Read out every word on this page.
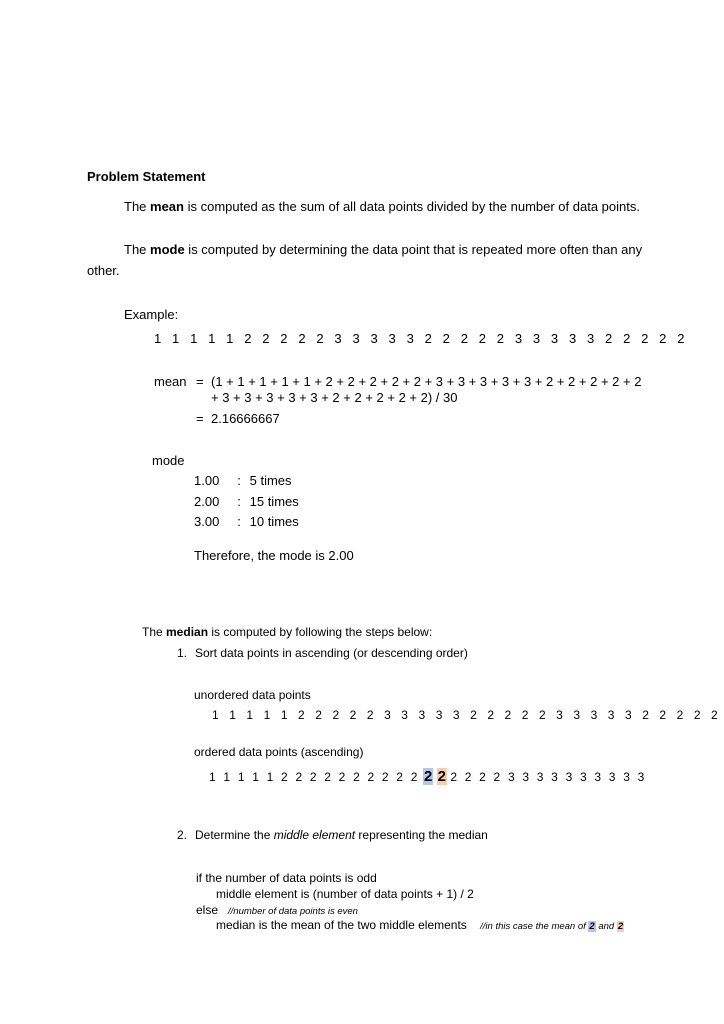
Problem Statement
The mean is computed as the sum of all data points divided by the number of data points.
The mode is computed by determining the data point that is repeated more often than any
other.
Example:
1 1 1 1 1 2 2 2 2 2 3 3 3 3 3 2 2 2 2 2 3 3 3 3 3 2 2 2 2 2
mean = (1 + 1 + 1 + 1 + 1 + 2 + 2 + 2 + 2 + 2 + 3 + 3 + 3 + 3 + 3 + 2 + 2 + 2 + 2 + 2
+ 3 + 3 + 3 + 3 + 3 + 2 + 2 + 2 + 2 + 2) / 30
= 2.16666667
mode
1.00 : 5 times
2.00 : 15 times
3.00 : 10 times
Therefore, the mode is 2.00
The median is computed by following the steps below:
1. Sort data points in ascending (or descending order)
unordered data points
1 1 1 1 1 2 2 2 2 2 3 3 3 3 3 2 2 2 2 2 3 3 3 3 3 2 2 2 2 2
ordered data points (ascending)
1 1 1 1 1 2 2 2 2 2 2 2 2 2 2 2 2 2 2 2 2 3 3 3 3 3 3 3 3 3 3
2. Determine the middle element representing the median
if the number of data points is odd
middle element is (number of data points + 1) / 2
else //number of data points is even
median is the mean of the two middle elements //in this case the mean of 2 and 2
